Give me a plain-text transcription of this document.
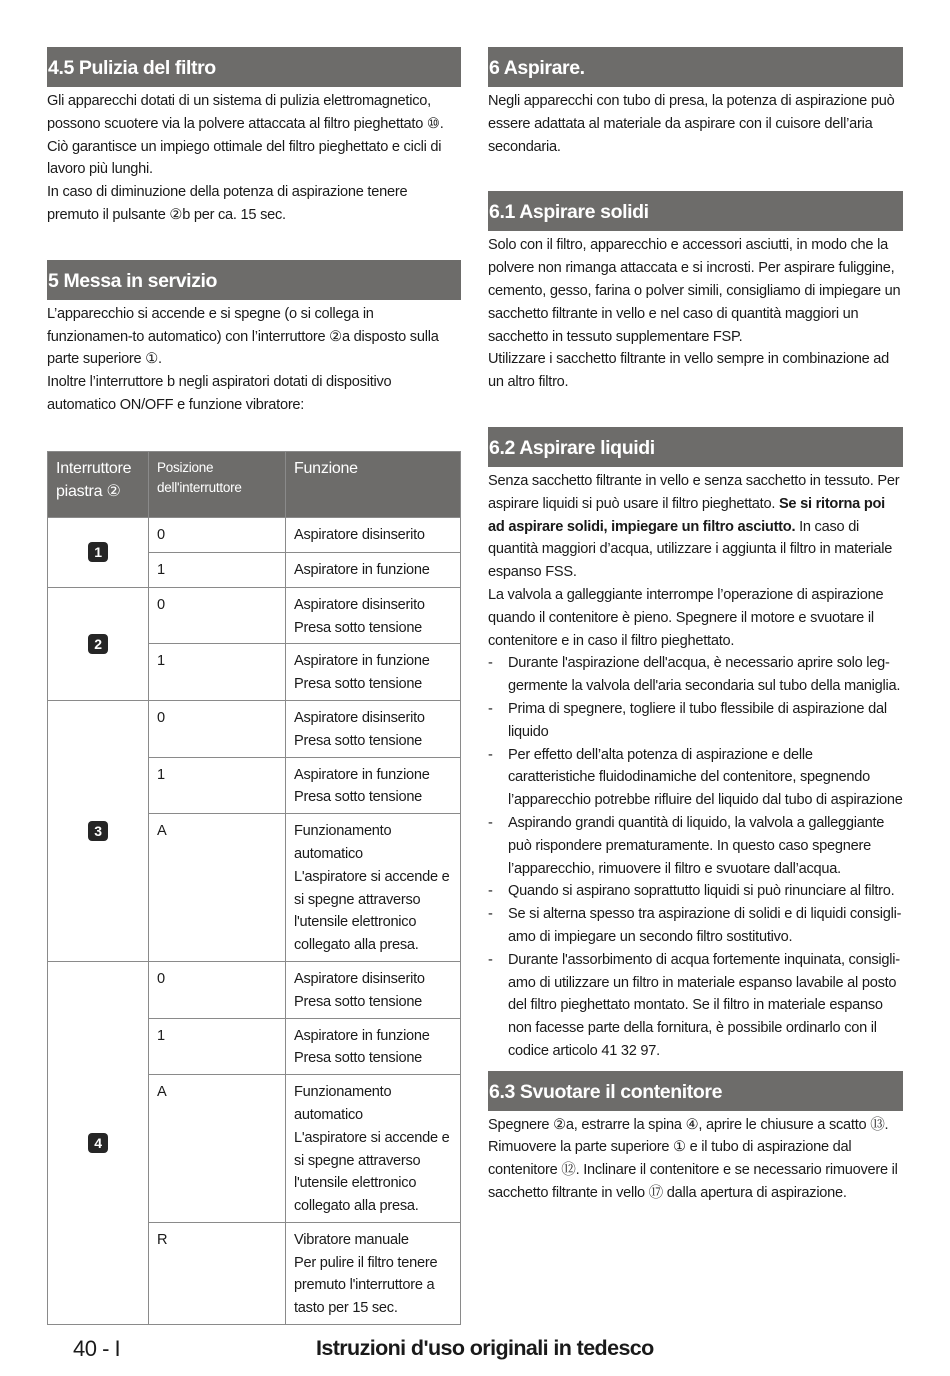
4.5 Pulizia del filtro

Gli apparecchi dotati di un sistema di pulizia elettromagnetico, possono scuotere via la polvere attaccata al filtro pieghettato ⑩. Ciò garantisce un impiego ottimale del filtro pieghettato e cicli di lavoro più lunghi.

In caso di diminuzione della potenza di aspirazione tenere premuto il pulsante ②b per ca. 15 sec.

5 Messa in servizio

L’apparecchio si accende e si spegne (o si collega in funzionamen-to automatico) con l’interruttore ②a disposto sulla parte superiore ①.

Inoltre l’interruttore b negli aspiratori dotati di dispositivo automatico ON/OFF e funzione vibratore:

Interruttore piastra ②	Posizione dell'interruttore	Funzione
1	0	Aspiratore disinserito

	1	Aspiratore in funzione

2	0	Aspiratore disinserito
Presa sotto tensione

	1	Aspiratore in funzione
Presa sotto tensione

3	0	Aspiratore disinserito
Presa sotto tensione

	1	Aspiratore in funzione
Presa sotto tensione

	A	Funzionamento automatico
L'aspiratore si accende e si spegne attraverso l'utensile elettronico collegato alla presa.

4	0	Aspiratore disinserito
Presa sotto tensione

	1	Aspiratore in funzione
Presa sotto tensione

	A	Funzionamento automatico
L'aspiratore si accende e si spegne attraverso l'utensile elettronico collegato alla presa.

	R	Vibratore manuale
Per pulire il filtro tenere premuto l'interruttore a tasto per 15 sec.
6 Aspirare.

Negli apparecchi con tubo di presa, la potenza di aspirazione può essere adattata al materiale da aspirare con il cuisore dell’aria secondaria.

6.1 Aspirare solidi

Solo con il filtro, apparecchio e accessori asciutti, in modo che la polvere non rimanga attaccata e si incrosti. Per aspirare fuliggine, cemento, gesso, farina o polver simili, consigliamo di impiegare un sacchetto filtrante in vello e nel caso di quantità maggiori un sacchetto in tessuto supplementare FSP.

Utilizzare i sacchetto filtrante in vello sempre in combinazione ad un altro filtro.

6.2 Aspirare liquidi

Senza sacchetto filtrante in vello e senza sacchetto in tessuto. Per aspirare liquidi si può usare il filtro pieghettato. Se si ritorna poi ad aspirare solidi, impiegare un filtro asciutto. In caso di quantità maggiori d’acqua, utilizzare i aggiunta il filtro in materiale espanso FSS.

La valvola a galleggiante interrompe l’operazione di aspirazione quando il contenitore è pieno. Spegnere il motore e svuotare il contenitore e in caso il filtro pieghettato.

- Durante l'aspirazione dell'acqua, è necessario aprire solo leg-germente la valvola dell'aria secondaria sul tubo della maniglia.
- Prima di spegnere, togliere il tubo flessibile di aspirazione dal liquido
- Per effetto dell’alta potenza di aspirazione e delle caratteristiche fluidodinamiche del contenitore, spegnendo l’apparecchio potrebbe rifluire del liquido dal tubo di aspirazione
- Aspirando grandi quantità di liquido, la valvola a galleggiante può rispondere prematuramente. In questo caso spegnere l’apparecchio, rimuovere il filtro e svuotare dall’acqua.
- Quando si aspirano soprattutto liquidi si può rinunciare al filtro.
- Se si alterna spesso tra aspirazione di solidi e di liquidi consigli-amo di impiegare un secondo filtro sostitutivo.
- Durante l'assorbimento di acqua fortemente inquinata, consigli-amo di utilizzare un filtro in materiale espanso lavabile al posto del filtro pieghettato montato. Se il filtro in materiale espanso non facesse parte della fornitura, è possibile ordinarlo con il codice articolo 41 32 97.
6.3 Svuotare il contenitore

Spegnere ②a, estrarre la spina ④, aprire le chiusure a scatto ⑬. Rimuovere la parte superiore ① e il tubo di aspirazione dal contenitore ⑫. Inclinare il contenitore e se necessario rimuovere il sacchetto filtrante in vello ⑰ dalla apertura di aspirazione.

40 - I	Istruzioni d'uso originali in tedesco
